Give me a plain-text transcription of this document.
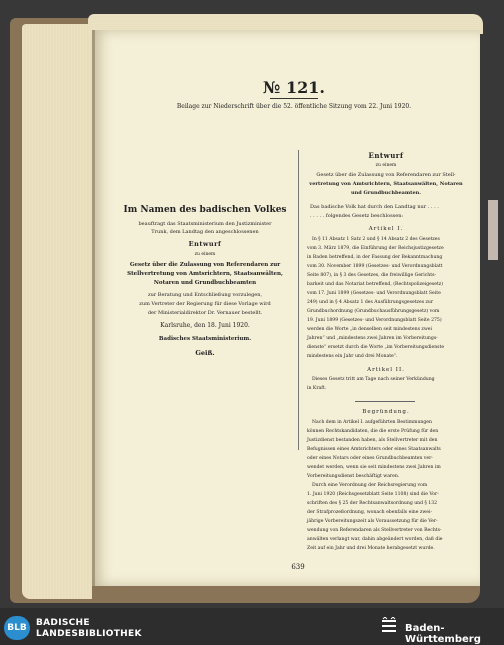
№ 121.
Beilage zur Niederschrift über die 52. öffentliche Sitzung vom 22. Juni 1920.
Im Namen des badischen Volkes
beauftragt das Staatsministerium den Justizminister
Trunk, dem Landtag den angeschlossenen
Entwurf
zu einem
Gesetz über die Zulassung von Referendaren zur
Stellvertretung von Amtsrichtern, Staatsanwälten,
Notaren und Grundbuchbeamten
zur Beratung und Entschließung vorzulegen,
zum Vertreter der Regierung für diese Vorlage wird
der Ministerialdirektor Dr. Vernauer bestellt.
Karlsruhe, den 18. Juni 1920.
Badisches Staatsministerium.
Geiß.
Entwurf
zu einem
Gesetz über die Zulassung von Referendaren zur Stell-
vertretung von Amtsrichtern, Staatsanwälten, Notaren
und Grundbuchbeamten.
Das badische Volk hat durch den Landtag nur . . . .
. . . . . folgendes Gesetz beschlossen:
Artikel I.
In § 11 Absatz 1 Satz 2 und § 14 Absatz 2 des Gesetzes
vom 3. März 1879, die Einführung der Reichsjustizgesetze
in Baden betreffend, in der Fassung der Bekanntmachung
vom 30. November 1899 (Gesetzes- und Verordnungsblatt
Seite 807), in § 3 des Gesetzes, die freiwillige Gerichts-
barkeit und das Notariat betreffend, (Rechtspolizeigesetz)
vom 17. Juni 1899 (Gesetzes- und Verordnungsblatt Seite
249) und in § 4 Absatz 1 des Ausführungsgesetzes zur
Grundbuchordnung (Grundbuchausführungsgesetz) vom
19. Juni 1899 (Gesetzes- und Verordnungsblatt Seite 275)
werden die Worte „in denselben seit mindestens zwei
Jahren“ und „mindestens zwei Jahren im Vorbereitungs-
dienste“ ersetzt durch die Worte „im Vorbereitungsdienste
mindestens ein Jahr und drei Monate“.
Artikel II.
Dieses Gesetz tritt am Tage nach seiner Verkündung
in Kraft.
Begründung.
Nach dem in Artikel I. aufgeführten Bestimmungen
können Rechtskandidaten, die die erste Prüfung für den
Justizdienst bestanden haben, als Stellvertreter mit den
Befugnissen eines Amtsrichters oder eines Staatsanwalts
oder eines Notars oder eines Grundbuchbeamten ver-
wendet werden, wenn sie seit mindestens zwei Jahren im
Vorbereitungsdienst beschäftigt waren.
Durch eine Verordnung der Reichsregierung vom
1. Juni 1920 (Reichsgesetzblatt Seite 1108) sind die Vor-
schriften des § 25 der Rechtsanwaltsordnung und § 132
der Strafprozeßordnung, wonach ebenfalls eine zwei-
jährige Vorbereitungszeit als Voraussetzung für die Ver-
wendung von Referendaren als Stellvertreter von Rechts-
anwälten verlangt war, dahin abgeändert worden, daß die
Zeit auf ein Jahr und drei Monate herabgesetzt wurde.
639
BLB	BADISCHE
LANDESBIBLIOTHEK	Baden-Württemberg
